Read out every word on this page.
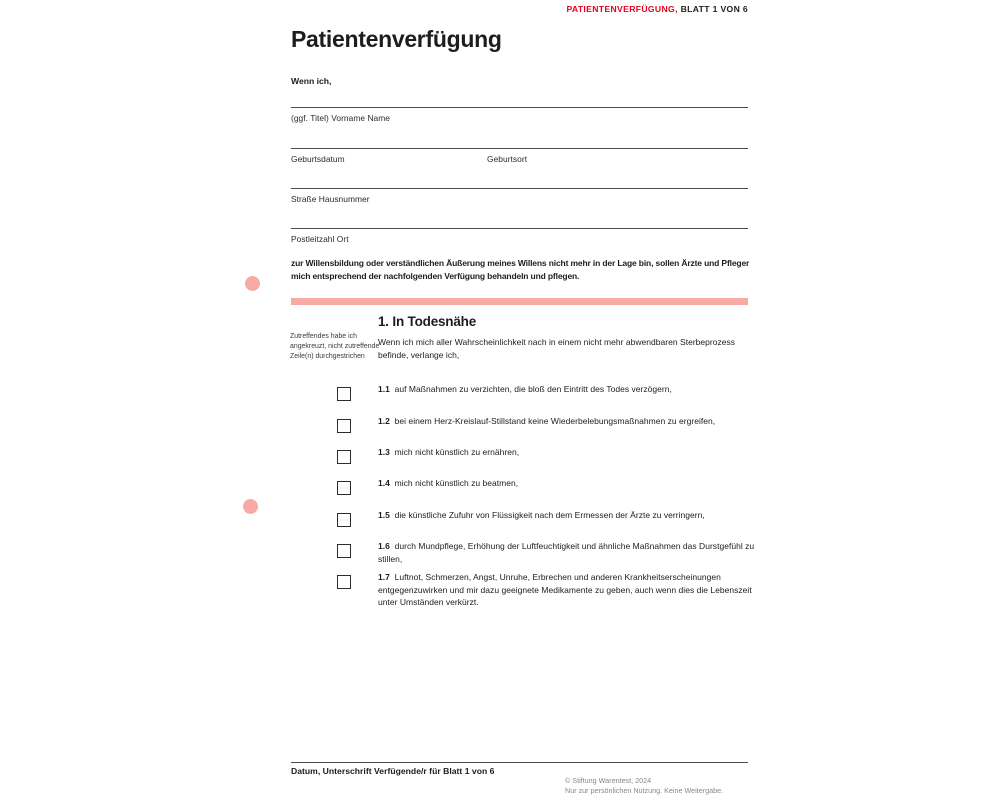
PATIENTENVERFÜGUNG, BLATT 1 VON 6
Patientenverfügung
Wenn ich,
(ggf. Titel) Vorname Name
Geburtsdatum	Geburtsort
Straße Hausnummer
Postleitzahl Ort
zur Willensbildung oder verständlichen Äußerung meines Willens nicht mehr in der Lage bin, sollen Ärzte und Pfleger mich entsprechend der nachfolgenden Verfügung behandeln und pflegen.
1. In Todesnähe
Zutreffendes habe ich angekreuzt, nicht zutreffende Zeile(n) durchgestrichen
Wenn ich mich aller Wahrscheinlichkeit nach in einem nicht mehr abwendbaren Sterbeprozess befinde, verlange ich,
1.1 auf Maßnahmen zu verzichten, die bloß den Eintritt des Todes verzögern,
1.2 bei einem Herz-Kreislauf-Stillstand keine Wiederbelebungsmaßnahmen zu ergreifen,
1.3 mich nicht künstlich zu ernähren,
1.4 mich nicht künstlich zu beatmen,
1.5 die künstliche Zufuhr von Flüssigkeit nach dem Ermessen der Ärzte zu verringern,
1.6 durch Mundpflege, Erhöhung der Luftfeuchtigkeit und ähnliche Maßnahmen das Durstgefühl zu stillen,
1.7 Luftnot, Schmerzen, Angst, Unruhe, Erbrechen und anderen Krankheitserscheinungen entgegenzuwirken und mir dazu geeignete Medikamente zu geben, auch wenn dies die Lebenszeit unter Umständen verkürzt.
Datum, Unterschrift Verfügende/r für Blatt 1 von 6
© Stiftung Warentest, 2024
Nur zur persönlichen Nutzung. Keine Weitergabe.
